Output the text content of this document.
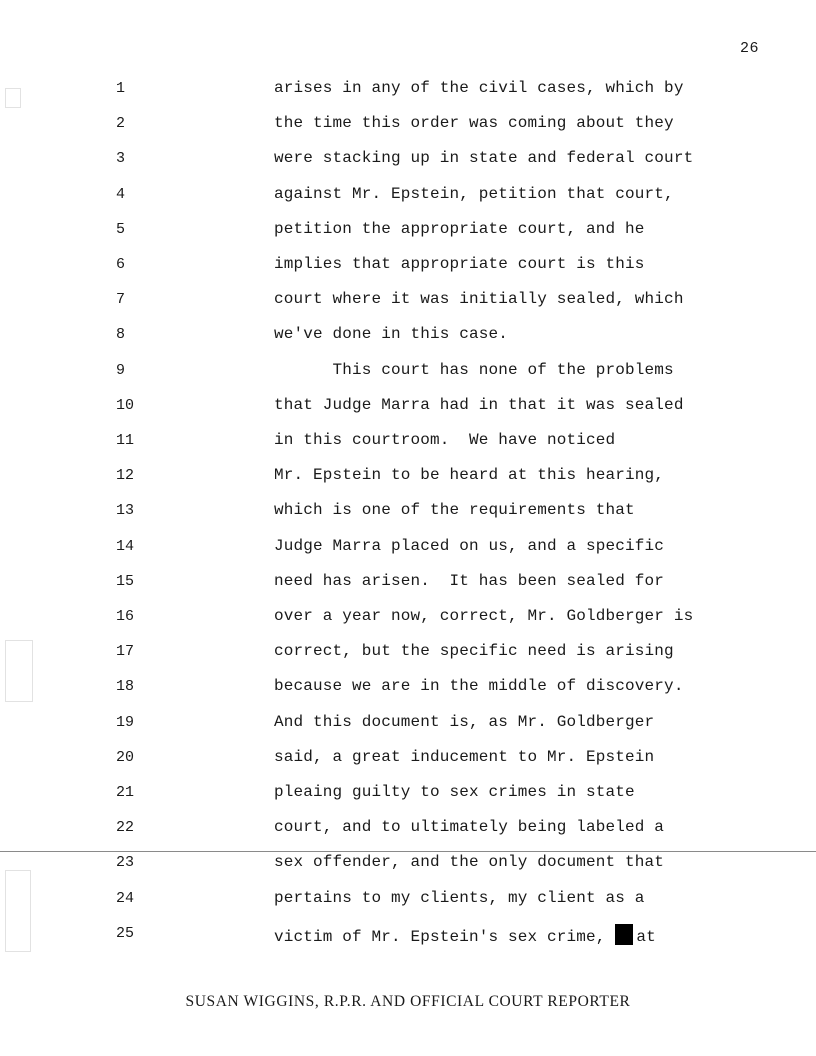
26
1	arises in any of the civil cases, which by
2	the time this order was coming about they
3	were stacking up in state and federal court
4	against Mr. Epstein, petition that court,
5	petition the appropriate court, and he
6	implies that appropriate court is this
7	court where it was initially sealed, which
8	we've done in this case.
9	This court has none of the problems
10	that Judge Marra had in that it was sealed
11	in this courtroom.  We have noticed
12	Mr. Epstein to be heard at this hearing,
13	which is one of the requirements that
14	Judge Marra placed on us, and a specific
15	need has arisen.  It has been sealed for
16	over a year now, correct, Mr. Goldberger is
17	correct, but the specific need is arising
18	because we are in the middle of discovery.
19	And this document is, as Mr. Goldberger
20	said, a great inducement to Mr. Epstein
21	pleaing guilty to sex crimes in state
22	court, and to ultimately being labeled a
23	sex offender, and the only document that
24	pertains to my clients, my client as a
25	victim of Mr. Epstein's sex crime, at
SUSAN WIGGINS, R.P.R. AND OFFICIAL COURT REPORTER
